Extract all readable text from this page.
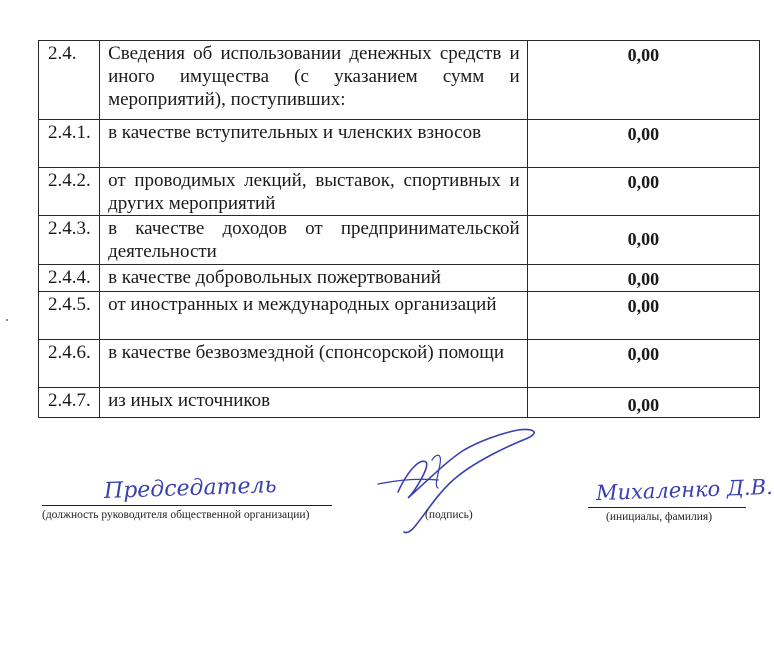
2.4.	Сведения об использовании денежных средств и иного имущества (с указанием сумм и мероприятий), поступивших:	0,00
2.4.1.	в качестве вступительных и членских взносов	0,00
2.4.2.	от проводимых лекций, выставок, спортивных и других мероприятий	0,00
2.4.3.	в качестве доходов от предпринимательской деятельности	0,00
2.4.4.	в качестве добровольных пожертвований	0,00
2.4.5.	от иностранных и международных организаций	0,00
2.4.6.	в качестве безвозмездной (спонсорской) помощи	0,00
2.4.7.	из иных источников	0,00
Председатель
(должность руководителя общественной организации)	(подпись)
Михаленко Д.В.
(инициалы, фамилия)
